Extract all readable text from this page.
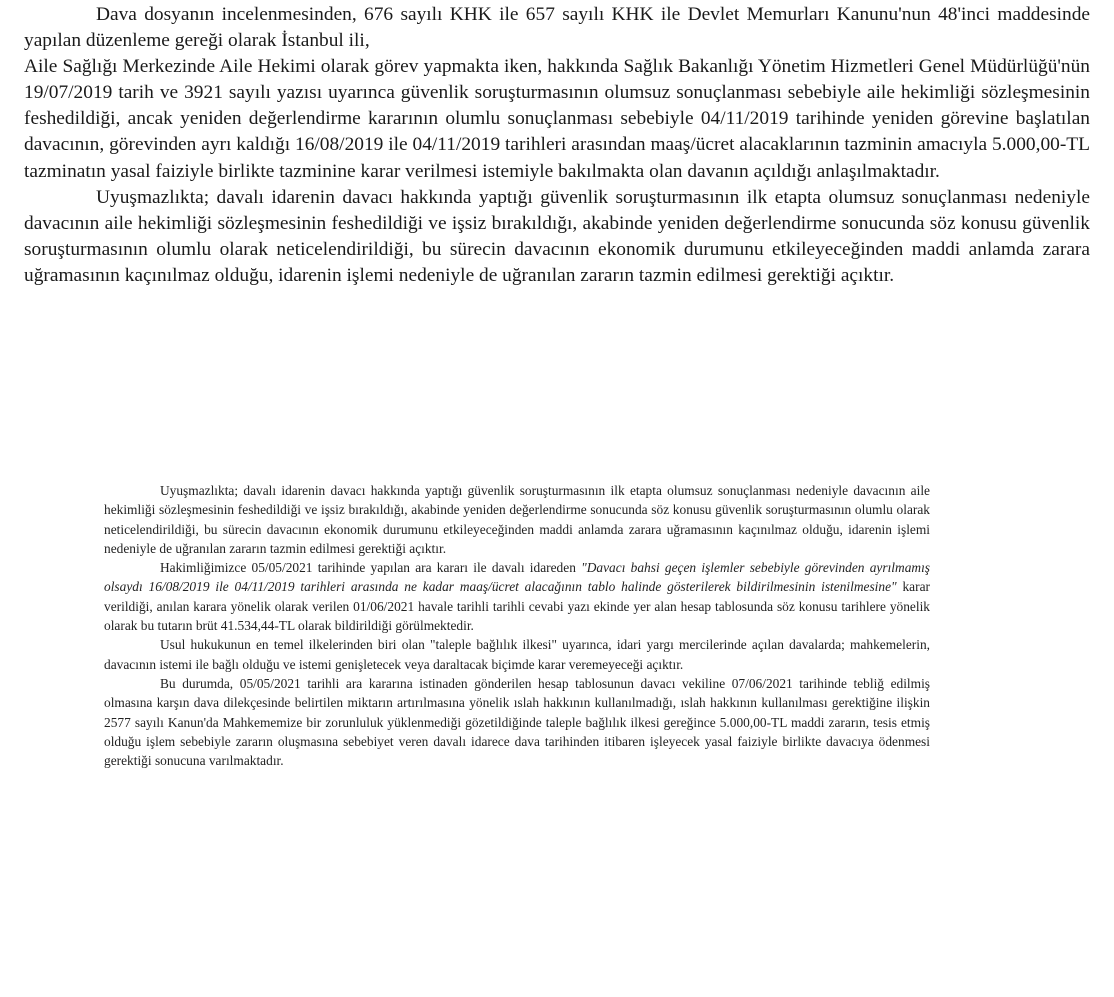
Dava dosyanın incelenmesinden, 676 sayılı KHK ile 657 sayılı KHK ile Devlet Memurları Kanunu'nun 48'inci maddesinde yapılan düzenleme gereği olarak İstanbul ili,

Aile Sağlığı Merkezinde Aile Hekimi olarak görev yapmakta iken, hakkında Sağlık Bakanlığı Yönetim Hizmetleri Genel Müdürlüğü'nün 19/07/2019 tarih ve 3921 sayılı yazısı uyarınca güvenlik soruşturmasının olumsuz sonuçlanması sebebiyle aile hekimliği sözleşmesinin feshedildiği, ancak yeniden değerlendirme kararının olumlu sonuçlanması sebebiyle 04/11/2019 tarihinde yeniden görevine başlatılan davacının, görevinden ayrı kaldığı 16/08/2019 ile 04/11/2019 tarihleri arasından maaş/ücret alacaklarının tazminin amacıyla 5.000,00-TL tazminatın yasal faiziyle birlikte tazminine karar verilmesi istemiyle bakılmakta olan davanın açıldığı anlaşılmaktadır.

Uyuşmazlıkta; davalı idarenin davacı hakkında yaptığı güvenlik soruşturmasının ilk etapta olumsuz sonuçlanması nedeniyle davacının aile hekimliği sözleşmesinin feshedildiği ve işsiz bırakıldığı, akabinde yeniden değerlendirme sonucunda söz konusu güvenlik soruşturmasının olumlu olarak neticelendirildiği, bu sürecin davacının ekonomik durumunu etkileyeceğinden maddi anlamda zarara uğramasının kaçınılmaz olduğu, idarenin işlemi nedeniyle de uğranılan zararın tazmin edilmesi gerektiği açıktır.

Uyuşmazlıkta; davalı idarenin davacı hakkında yaptığı güvenlik soruşturmasının ilk etapta olumsuz sonuçlanması nedeniyle davacının aile hekimliği sözleşmesinin feshedildiği ve işsiz bırakıldığı, akabinde yeniden değerlendirme sonucunda söz konusu güvenlik soruşturmasının olumlu olarak neticelendirildiği, bu sürecin davacının ekonomik durumunu etkileyeceğinden maddi anlamda zarara uğramasının kaçınılmaz olduğu, idarenin işlemi nedeniyle de uğranılan zararın tazmin edilmesi gerektiği açıktır.

Hakimliğimizce 05/05/2021 tarihinde yapılan ara kararı ile davalı idareden "Davacı bahsi geçen işlemler sebebiyle görevinden ayrılmamış olsaydı 16/08/2019 ile 04/11/2019 tarihleri arasında ne kadar maaş/ücret alacağının tablo halinde gösterilerek bildirilmesinin istenilmesine" karar verildiği, anılan karara yönelik olarak verilen 01/06/2021 havale tarihli tarihli cevabi yazı ekinde yer alan hesap tablosunda söz konusu tarihlere yönelik olarak bu tutarın brüt 41.534,44-TL olarak bildirildiği görülmektedir.

Usul hukukunun en temel ilkelerinden biri olan "taleple bağlılık ilkesi" uyarınca, idari yargı mercilerinde açılan davalarda; mahkemelerin, davacının istemi ile bağlı olduğu ve istemi genişletecek veya daraltacak biçimde karar veremeyeceği açıktır.

Bu durumda, 05/05/2021 tarihli ara kararına istinaden gönderilen hesap tablosunun davacı vekiline 07/06/2021 tarihinde tebliğ edilmiş olmasına karşın dava dilekçesinde belirtilen miktarın artırılmasına yönelik ıslah hakkının kullanılmadığı, ıslah hakkının kullanılması gerektiğine ilişkin 2577 sayılı Kanun'da Mahkememize bir zorunluluk yüklenmediği gözetildiğinde taleple bağlılık ilkesi gereğince 5.000,00-TL maddi zararın, tesis etmiş olduğu işlem sebebiyle zararın oluşmasına sebebiyet veren davalı idarece dava tarihinden itibaren işleyecek yasal faiziyle birlikte davacıya ödenmesi gerektiği sonucuna varılmaktadır.
